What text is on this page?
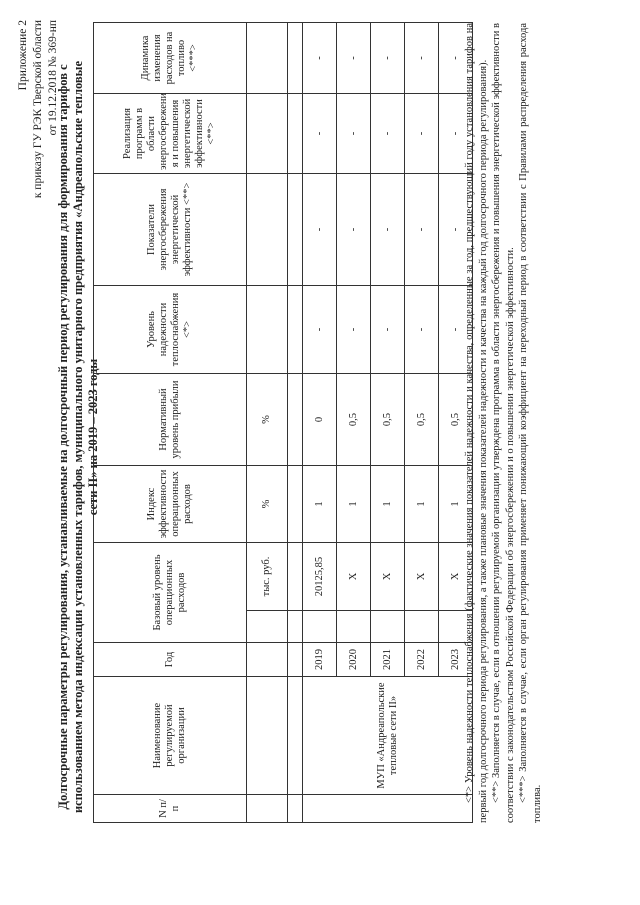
Приложение 2 к приказу ГУ РЭК Тверской области от 19.12.2018 № 369-нп
Долгосрочные параметры регулирования, устанавливаемые на долгосрочный период регулирования для формирования тарифов с использованием метода индексации установленных тарифов, муниципального унитарного предприятия «Андреапольские тепловые сети II» на 2019 – 2023 годы
N п/п	Наименование регулируемой организации	Год	Базовый уровень операционных расходов		Индекс эффективности операционных расходов	Нормативный уровень прибыли	Уровень надежности теплоснабжения <*>	Показатели энергосбережения энергетической эффективности <**>	Реализация программ в области энергосбережени я и повышения энергетической эффективности <**>	Динамика изменения расходов на топливо <***>
				тыс. руб.	%	%				

	МУП «Андреапольские тепловые сети II»	2019		20125,85	1	0	-	-	-	-
		2020		Х	1	0,5	-	-	-	-
		2021		Х	1	0,5	-	-	-	-
		2022		Х	1	0,5	-	-	-	-
		2023		Х	1	0,5	-	-	-	- <*> Уровень надежности теплоснабжения (фактические значения показателей надежности и качества, определенные за год, предшествующий году установления тарифов на первый год долгосрочного периода регулирования, а также плановые значения показателей надежности и качества на каждый год долгосрочного периода регулирования). <**> Заполняется в случае, если в отношении регулируемой организации утверждена программа в области энергосбережения и повышения энергетической эффективности в соответствии с законодательством Российской Федерации об энергосбережении и о повышении энергетической эффективности. <***> Заполняется в случае, если орган регулирования применяет понижающий коэффициент на переходный период в соответствии с Правилами распределения расхода топлива.
